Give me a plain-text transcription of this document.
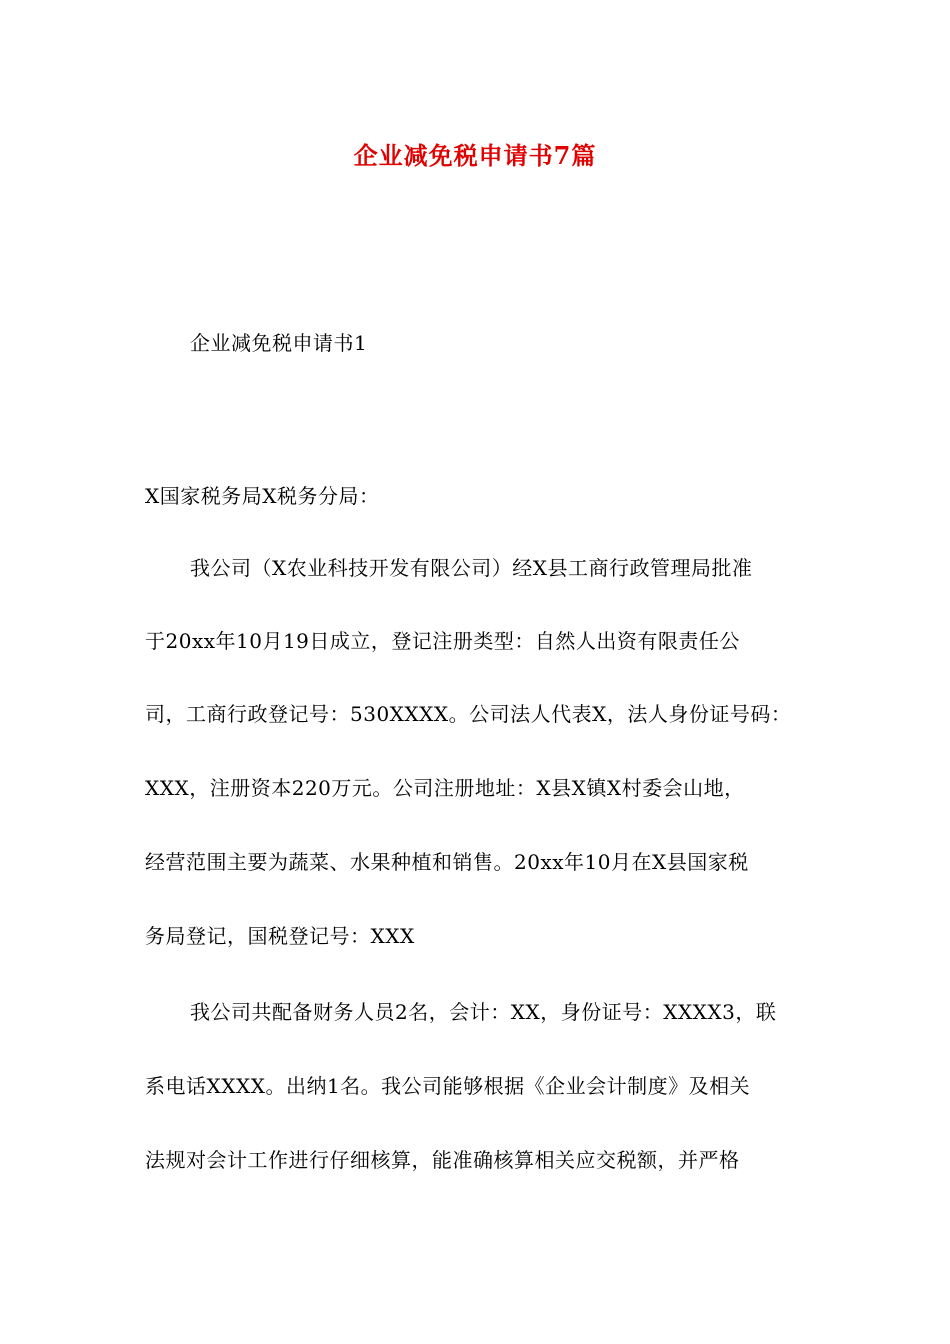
企业减免税申请书7篇
企业减免税申请书1
X国家税务局X税务分局：
我公司（X农业科技开发有限公司）经X县工商行政管理局批准
于20xx年10月19日成立，登记注册类型：自然人出资有限责任公
司，工商行政登记号：530XXXX。公司法人代表X，法人身份证号码：
XXX，注册资本220万元。公司注册地址：X县X镇X村委会山地，
经营范围主要为蔬菜、水果种植和销售。20xx年10月在X县国家税
务局登记，国税登记号：XXX
我公司共配备财务人员2名，会计：XX，身份证号：XXXX3，联
系电话XXXX。出纳1名。我公司能够根据《企业会计制度》及相关
法规对会计工作进行仔细核算，能准确核算相关应交税额，并严格
